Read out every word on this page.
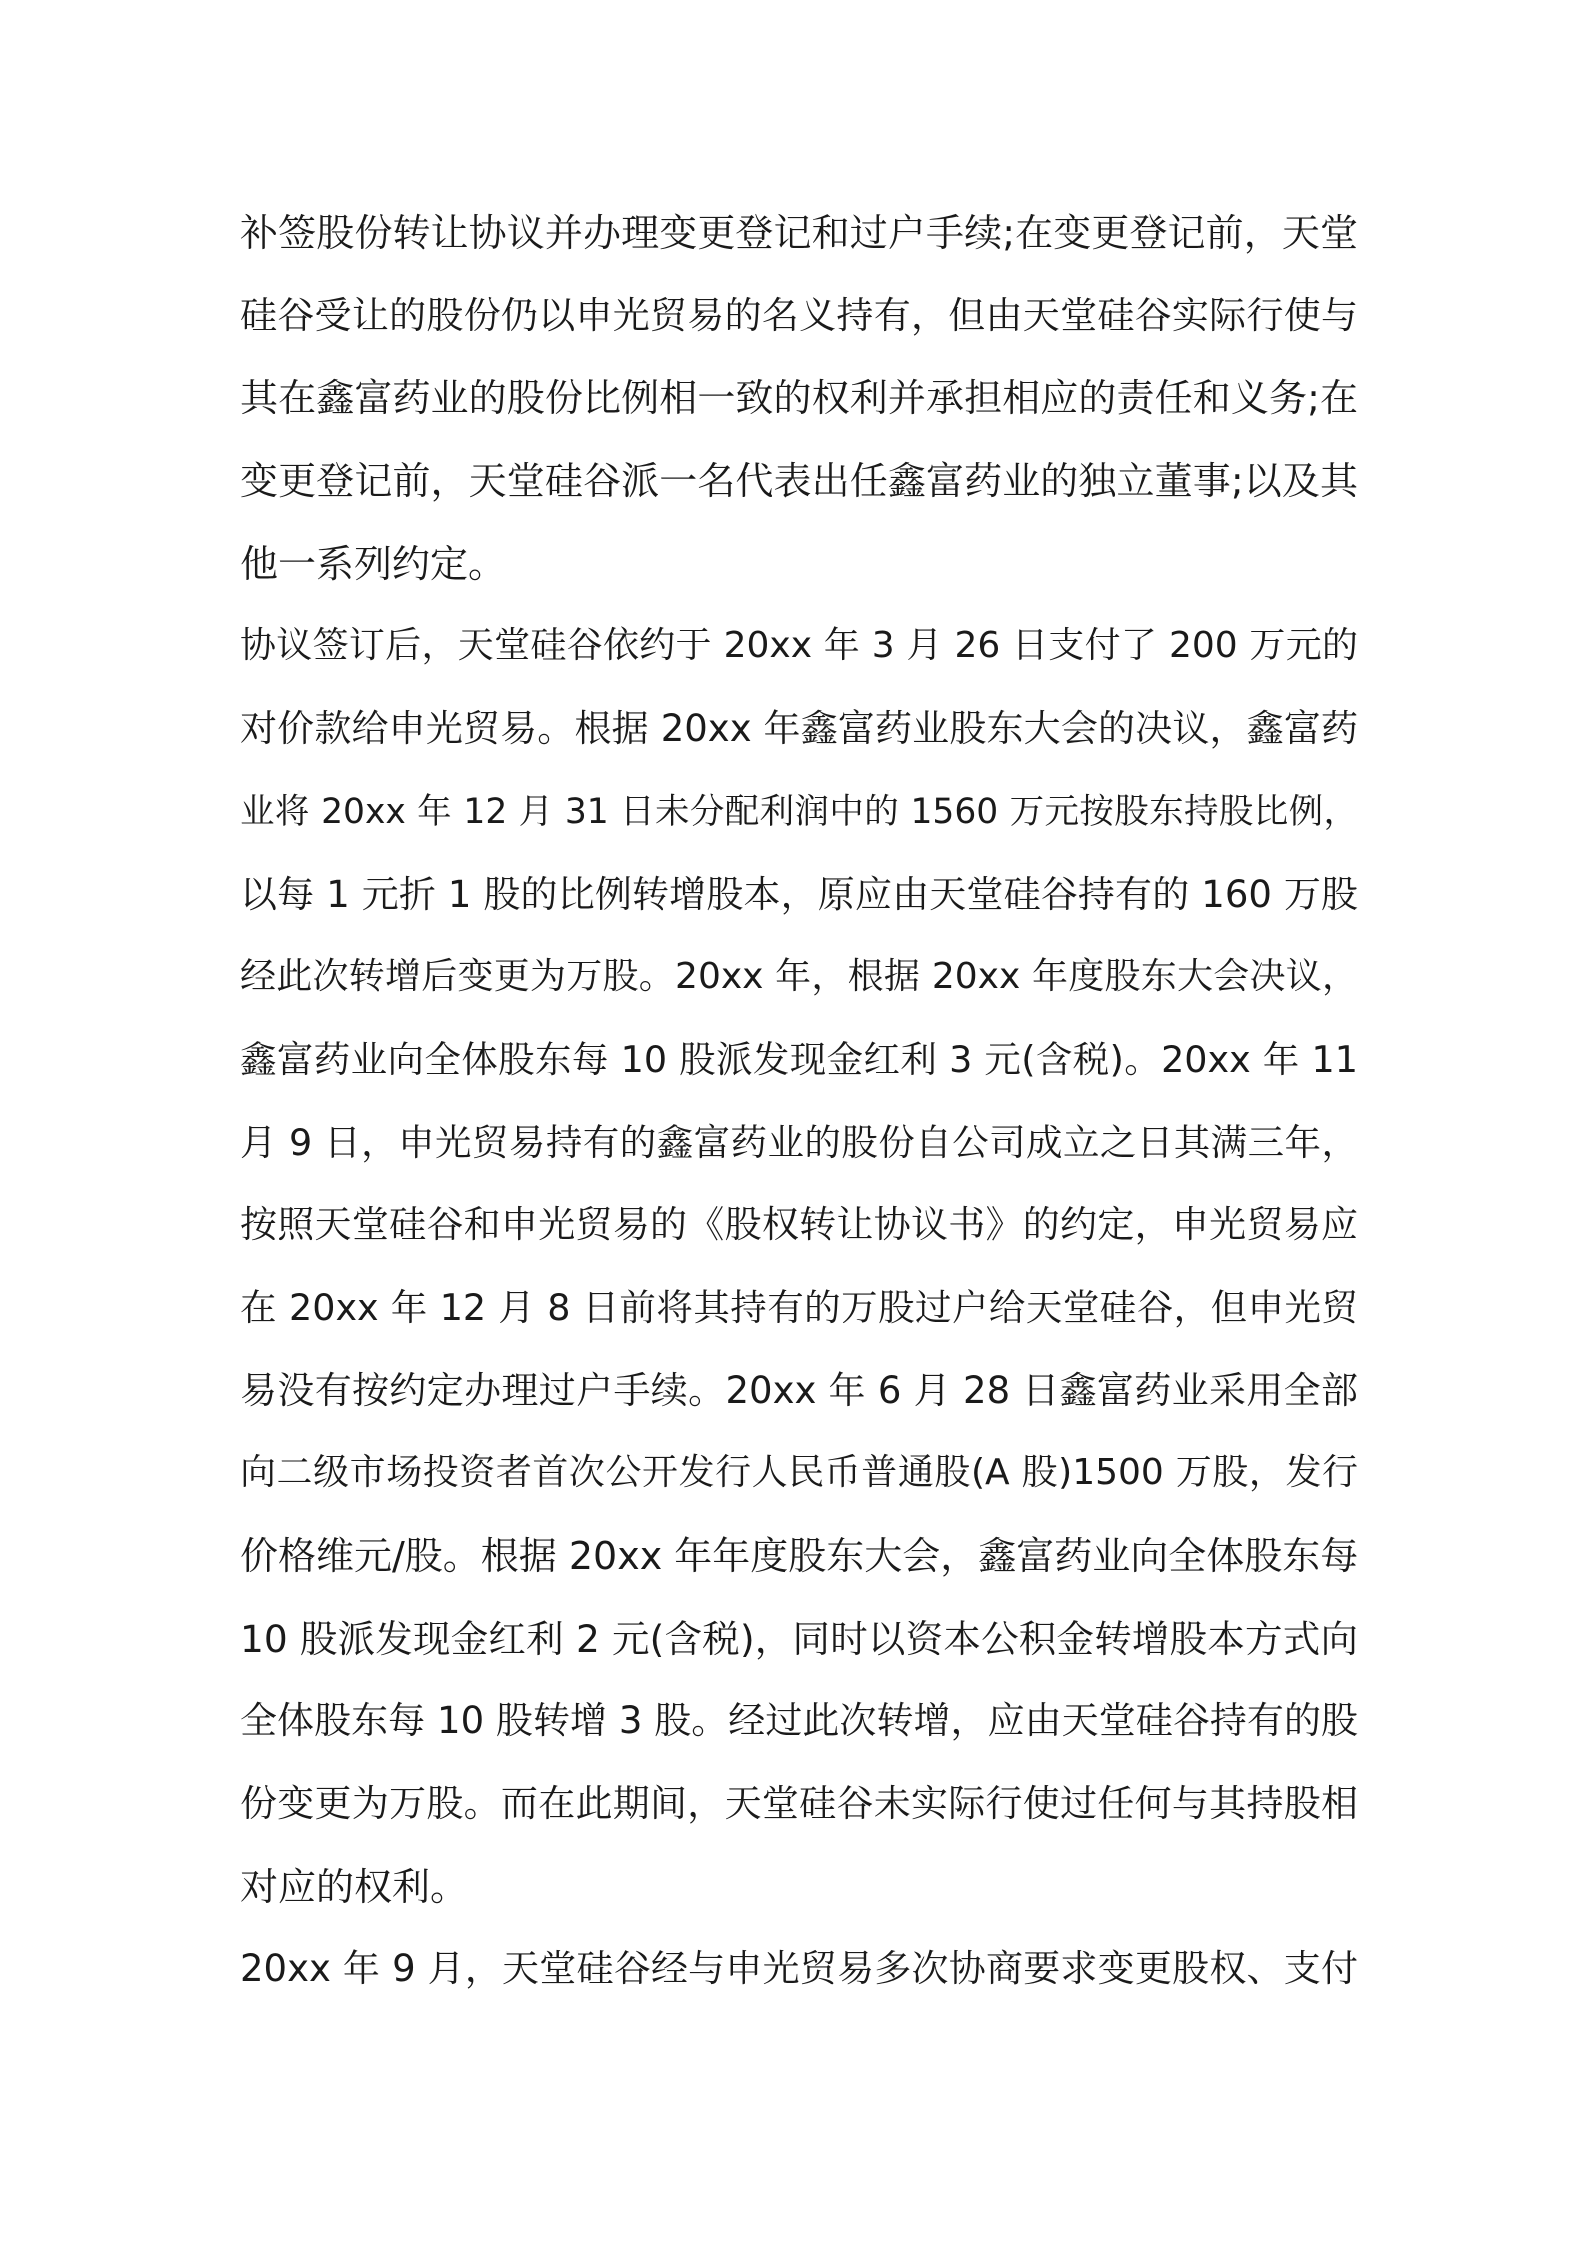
补签股份转让协议并办理变更登记和过户手续;在变更登记前，天堂
硅谷受让的股份仍以申光贸易的名义持有，但由天堂硅谷实际行使与
其在鑫富药业的股份比例相一致的权利并承担相应的责任和义务;在
变更登记前，天堂硅谷派一名代表出任鑫富药业的独立董事;以及其
他一系列约定。
协议签订后，天堂硅谷依约于 20xx 年 3 月 26 日支付了 200 万元的
对价款给申光贸易。根据 20xx 年鑫富药业股东大会的决议，鑫富药
业将 20xx 年 12 月 31 日未分配利润中的 1560 万元按股东持股比例，
以每 1 元折 1 股的比例转增股本，原应由天堂硅谷持有的 160 万股
经此次转增后变更为万股。20xx 年，根据 20xx 年度股东大会决议，
鑫富药业向全体股东每 10 股派发现金红利 3 元(含税)。20xx 年 11
月 9 日，申光贸易持有的鑫富药业的股份自公司成立之日其满三年，
按照天堂硅谷和申光贸易的《股权转让协议书》的约定，申光贸易应
在 20xx 年 12 月 8 日前将其持有的万股过户给天堂硅谷，但申光贸
易没有按约定办理过户手续。20xx 年 6 月 28 日鑫富药业采用全部
向二级市场投资者首次公开发行人民币普通股(A 股)1500 万股，发行
价格维元/股。根据 20xx 年年度股东大会，鑫富药业向全体股东每
10 股派发现金红利 2 元(含税)，同时以资本公积金转增股本方式向
全体股东每 10 股转增 3 股。经过此次转增，应由天堂硅谷持有的股
份变更为万股。而在此期间，天堂硅谷未实际行使过任何与其持股相
对应的权利。
20xx 年 9 月，天堂硅谷经与申光贸易多次协商要求变更股权、支付
